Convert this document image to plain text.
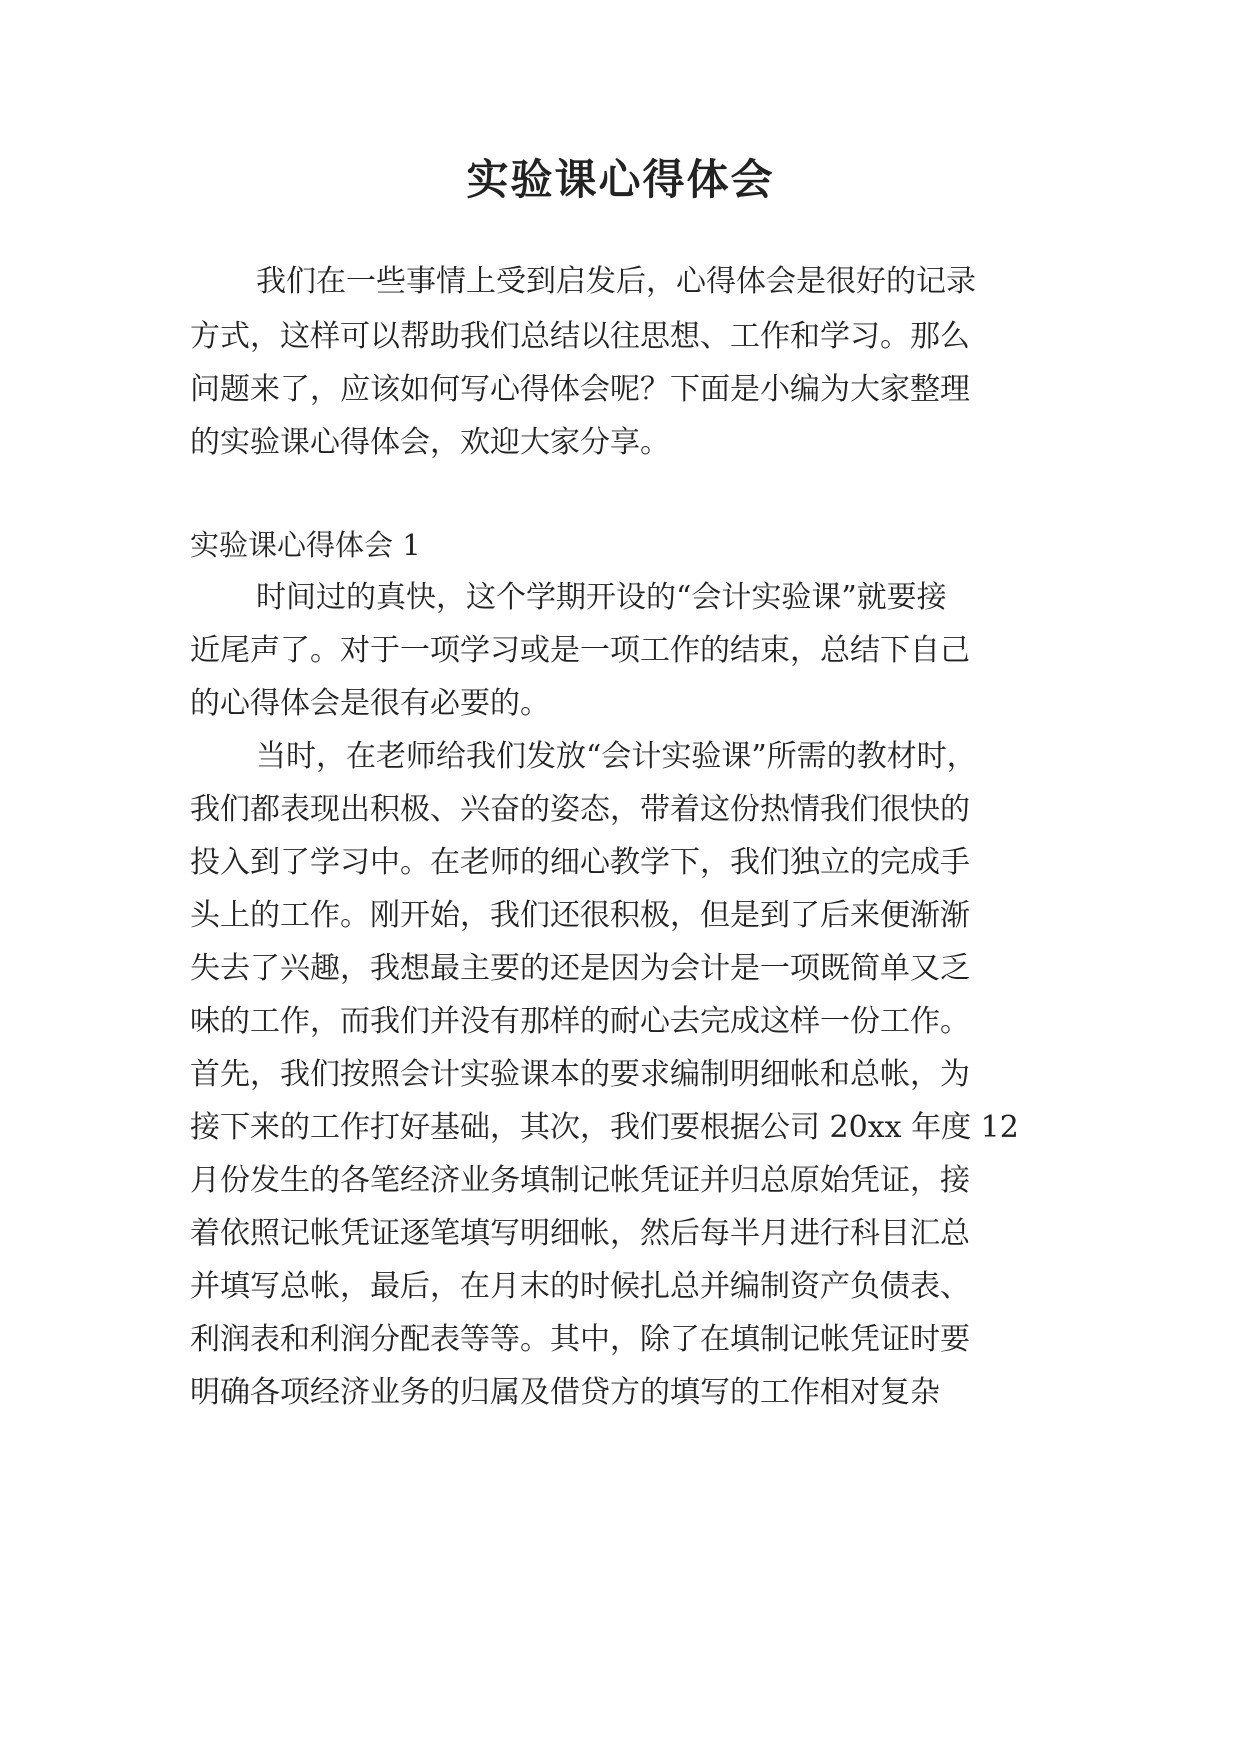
实验课心得体会
我们在一些事情上受到启发后，心得体会是很好的记录
方式，这样可以帮助我们总结以往思想、工作和学习。那么
问题来了，应该如何写心得体会呢？下面是小编为大家整理
的实验课心得体会，欢迎大家分享。
实验课心得体会 1
时间过的真快，这个学期开设的“会计实验课”就要接
近尾声了。对于一项学习或是一项工作的结束，总结下自己
的心得体会是很有必要的。
当时，在老师给我们发放“会计实验课”所需的教材时，
我们都表现出积极、兴奋的姿态，带着这份热情我们很快的
投入到了学习中。在老师的细心教学下，我们独立的完成手
头上的工作。刚开始，我们还很积极，但是到了后来便渐渐
失去了兴趣，我想最主要的还是因为会计是一项既简单又乏
味的工作，而我们并没有那样的耐心去完成这样一份工作。
首先，我们按照会计实验课本的要求编制明细帐和总帐，为
接下来的工作打好基础，其次，我们要根据公司 20xx 年度 12
月份发生的各笔经济业务填制记帐凭证并归总原始凭证，接
着依照记帐凭证逐笔填写明细帐，然后每半月进行科目汇总
并填写总帐，最后，在月末的时候扎总并编制资产负债表、
利润表和利润分配表等等。其中，除了在填制记帐凭证时要
明确各项经济业务的归属及借贷方的填写的工作相对复杂
